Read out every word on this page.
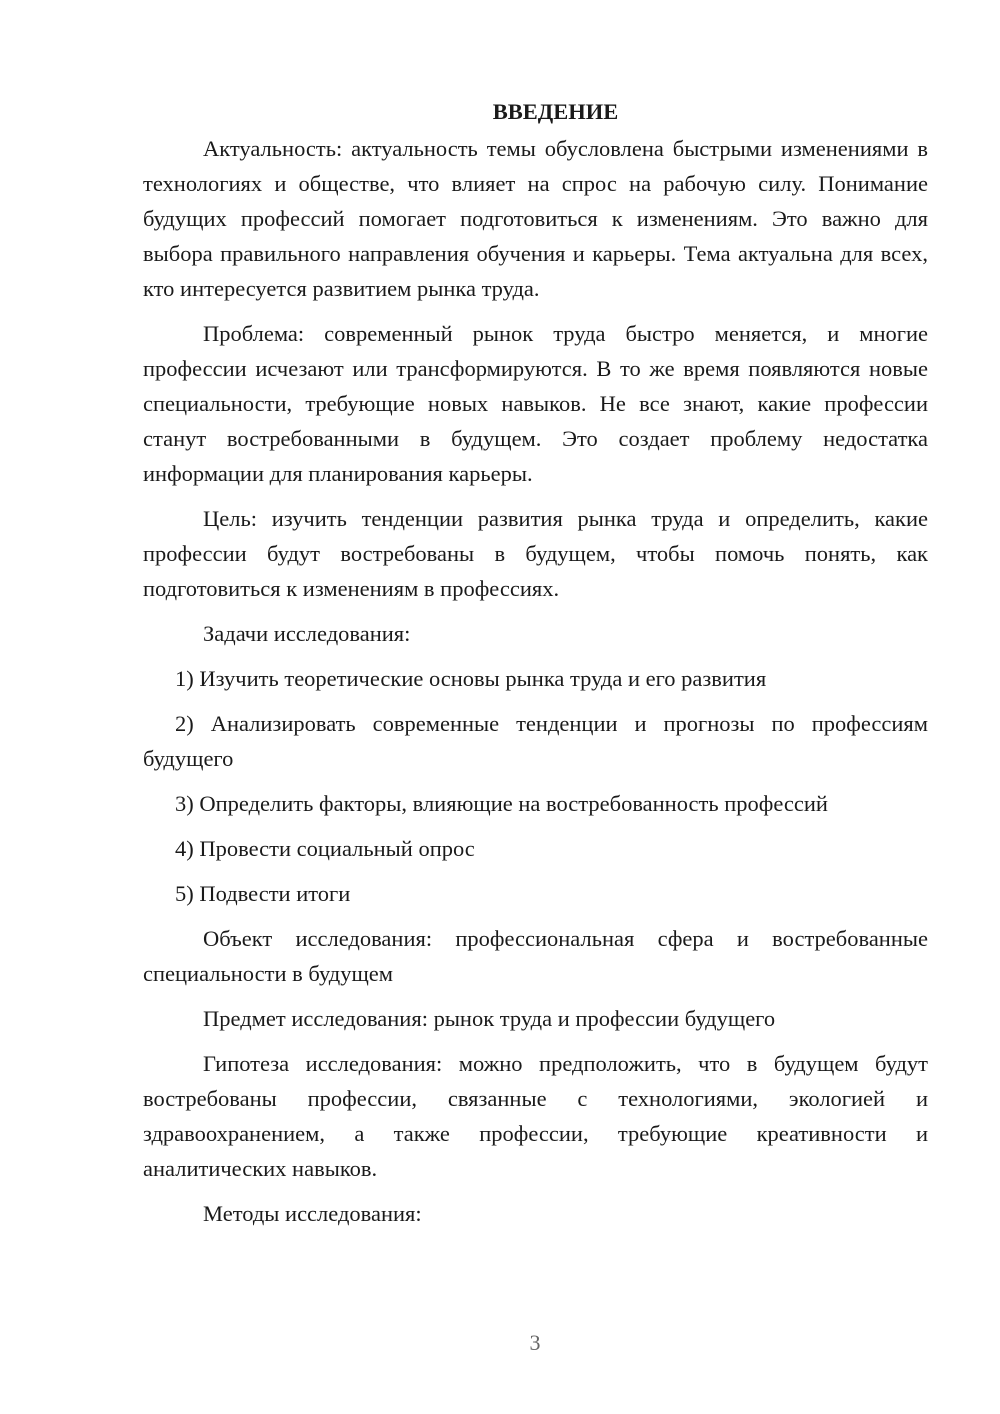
ВВЕДЕНИЕ

Актуальность: актуальность темы обусловлена быстрыми изменениями в технологиях и обществе, что влияет на спрос на рабочую силу. Понимание будущих профессий помогает подготовиться к изменениям. Это важно для выбора правильного направления обучения и карьеры. Тема актуальна для всех, кто интересуется развитием рынка труда.

Проблема: современный рынок труда быстро меняется, и многие профессии исчезают или трансформируются. В то же время появляются новые специальности, требующие новых навыков. Не все знают, какие профессии станут востребованными в будущем. Это создает проблему недостатка информации для планирования карьеры.

Цель: изучить тенденции развития рынка труда и определить, какие профессии будут востребованы в будущем, чтобы помочь понять, как подготовиться к изменениям в профессиях.

Задачи исследования:

1) Изучить теоретические основы рынка труда и его развития

2) Анализировать современные тенденции и прогнозы по профессиям будущего

3) Определить факторы, влияющие на востребованность профессий

4) Провести социальный опрос

5) Подвести итоги

Объект исследования: профессиональная сфера и востребованные специальности в будущем

Предмет исследования: рынок труда и профессии будущего

Гипотеза исследования: можно предположить, что в будущем будут востребованы профессии, связанные с технологиями, экологией и здравоохранением, а также профессии, требующие креативности и аналитических навыков.

Методы исследования:

3
